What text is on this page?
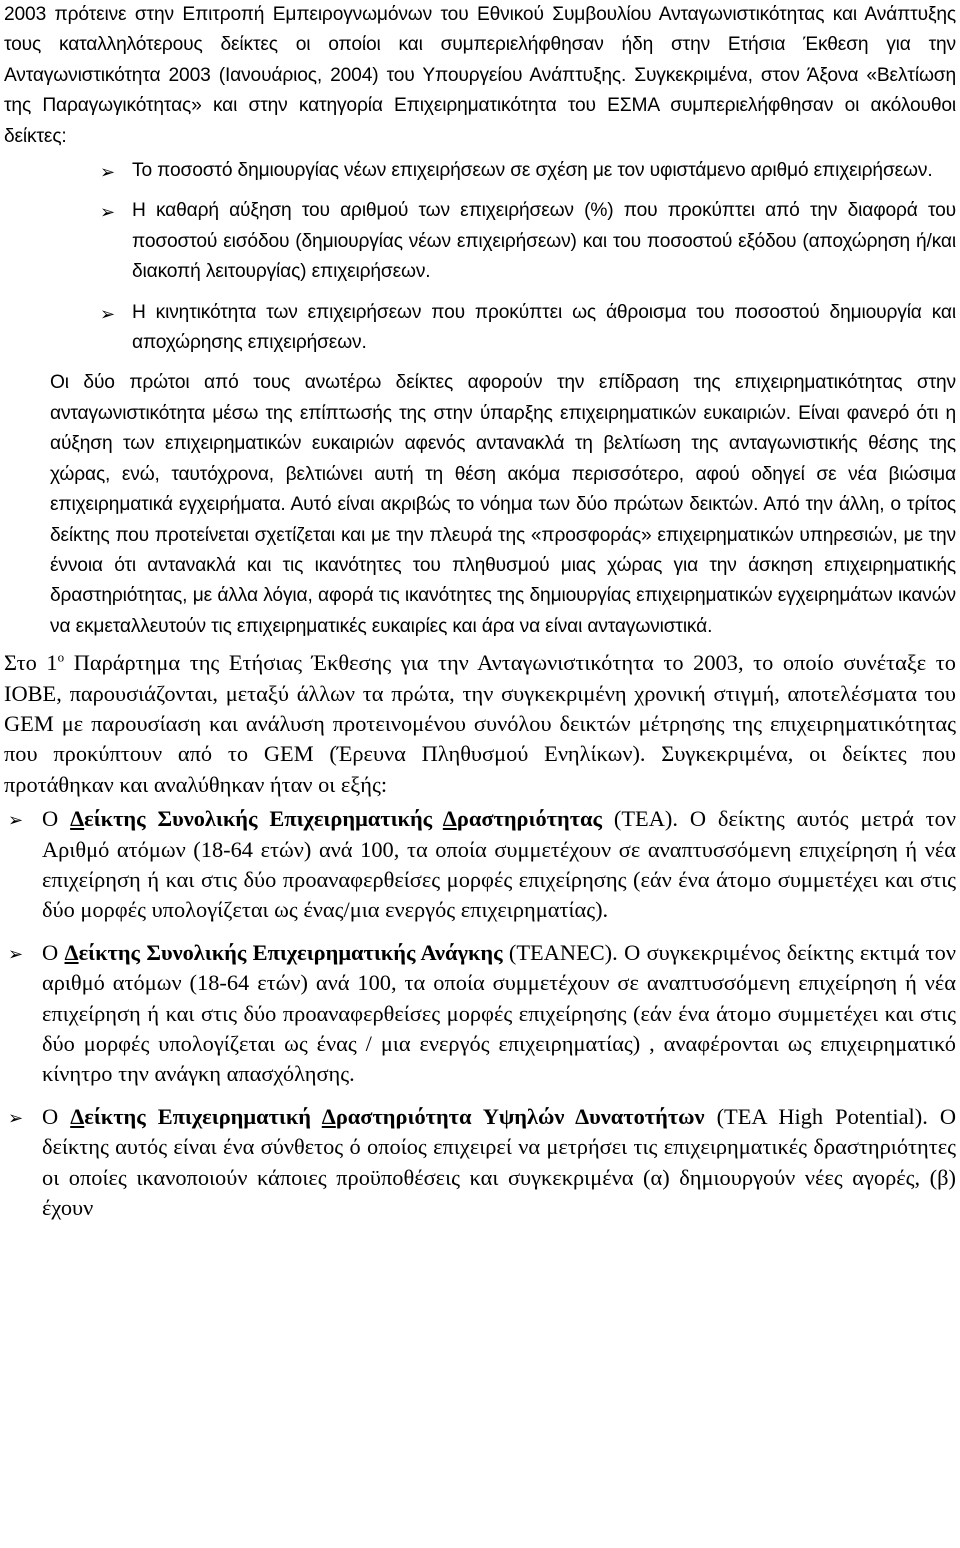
2003 πρότεινε στην Επιτροπή Εμπειρογνωμόνων του Εθνικού Συμβουλίου Ανταγωνιστικότητας και Ανάπτυξης τους καταλληλότερους δείκτες οι οποίοι και συμπεριελήφθησαν ήδη στην Ετήσια Έκθεση για την Ανταγωνιστικότητα 2003 (Ιανουάριος, 2004) του Υπουργείου Ανάπτυξης. Συγκεκριμένα, στον Άξονα «Βελτίωση της Παραγωγικότητας» και στην κατηγορία Επιχειρηματικότητα του ΕΣΜΑ συμπεριελήφθησαν οι ακόλουθοι δείκτες:

➢ Το ποσοστό δημιουργίας νέων επιχειρήσεων σε σχέση με τον υφιστάμενο αριθμό επιχειρήσεων.
➢ Η καθαρή αύξηση του αριθμού των επιχειρήσεων (%) που προκύπτει από την διαφορά του ποσοστού εισόδου (δημιουργίας νέων επιχειρήσεων) και του ποσοστού εξόδου (αποχώρηση ή/και διακοπή λειτουργίας) επιχειρήσεων.
➢ Η κινητικότητα των επιχειρήσεων που προκύπτει ως άθροισμα του ποσοστού δημιουργία και αποχώρησης επιχειρήσεων.

Οι δύο πρώτοι από τους ανωτέρω δείκτες αφορούν την επίδραση της επιχειρηματικότητας στην ανταγωνιστικότητα μέσω της επίπτωσής της στην ύπαρξης επιχειρηματικών ευκαιριών. Είναι φανερό ότι η αύξηση των επιχειρηματικών ευκαιριών αφενός αντανακλά τη βελτίωση της ανταγωνιστικής θέσης της χώρας, ενώ, ταυτόχρονα, βελτιώνει αυτή τη θέση ακόμα περισσότερο, αφού οδηγεί σε νέα βιώσιμα επιχειρηματικά εγχειρήματα. Αυτό είναι ακριβώς το νόημα των δύο πρώτων δεικτών. Από την άλλη, ο τρίτος δείκτης που προτείνεται σχετίζεται και με την πλευρά της «προσφοράς» επιχειρηματικών υπηρεσιών, με την έννοια ότι αντανακλά και τις ικανότητες του πληθυσμού μιας χώρας για την άσκηση επιχειρηματικής δραστηριότητας, με άλλα λόγια, αφορά τις ικανότητες της δημιουργίας επιχειρηματικών εγχειρημάτων ικανών να εκμεταλλευτούν τις επιχειρηματικές ευκαιρίες και άρα να είναι ανταγωνιστικά.

Στο $1^o$ Παράρτημα της Ετήσιας Έκθεσης για την Ανταγωνιστικότητα το 2003, το οποίο συνέταξε το ΙΟΒΕ, παρουσιάζονται, μεταξύ άλλων τα πρώτα, την συγκεκριμένη χρονική στιγμή, αποτελέσματα του GEM με παρουσίαση και ανάλυση προτεινομένου συνόλου δεικτών μέτρησης της επιχειρηματικότητας που προκύπτουν από το GEM (Έρευνα Πληθυσμού Ενηλίκων). Συγκεκριμένα, οι δείκτες που προτάθηκαν και αναλύθηκαν ήταν οι εξής:

➢ Ο Δείκτης Συνολικής Επιχειρηματικής Δραστηριότητας (TEA). Ο δείκτης αυτός μετρά τον Αριθμό ατόμων (18-64 ετών) ανά 100, τα οποία συμμετέχουν σε αναπτυσσόμενη επιχείρηση ή νέα επιχείρηση ή και στις δύο προαναφερθείσες μορφές επιχείρησης (εάν ένα άτομο συμμετέχει και στις δύο μορφές υπολογίζεται ως ένας/μια ενεργός επιχειρηματίας).
➢ Ο Δείκτης Συνολικής Επιχειρηματικής Ανάγκης (TEANEC). Ο συγκεκριμένος δείκτης εκτιμά τον αριθμό ατόμων (18-64 ετών) ανά 100, τα οποία συμμετέχουν σε αναπτυσσόμενη επιχείρηση ή νέα επιχείρηση ή και στις δύο προαναφερθείσες μορφές επιχείρησης (εάν ένα άτομο συμμετέχει και στις δύο μορφές υπολογίζεται ως ένας / μια ενεργός επιχειρηματίας) , αναφέρονται ως επιχειρηματικό κίνητρο την ανάγκη απασχόλησης.
➢ Ο Δείκτης Επιχειρηματική Δραστηριότητα Υψηλών Δυνατοτήτων (TEA High Potential). Ο δείκτης αυτός είναι ένα σύνθετος ό οποίος επιχειρεί να μετρήσει τις επιχειρηματικές δραστηριότητες οι οποίες ικανοποιούν κάποιες προϋποθέσεις και συγκεκριμένα (α) δημιουργούν νέες αγορές, (β) έχουν
